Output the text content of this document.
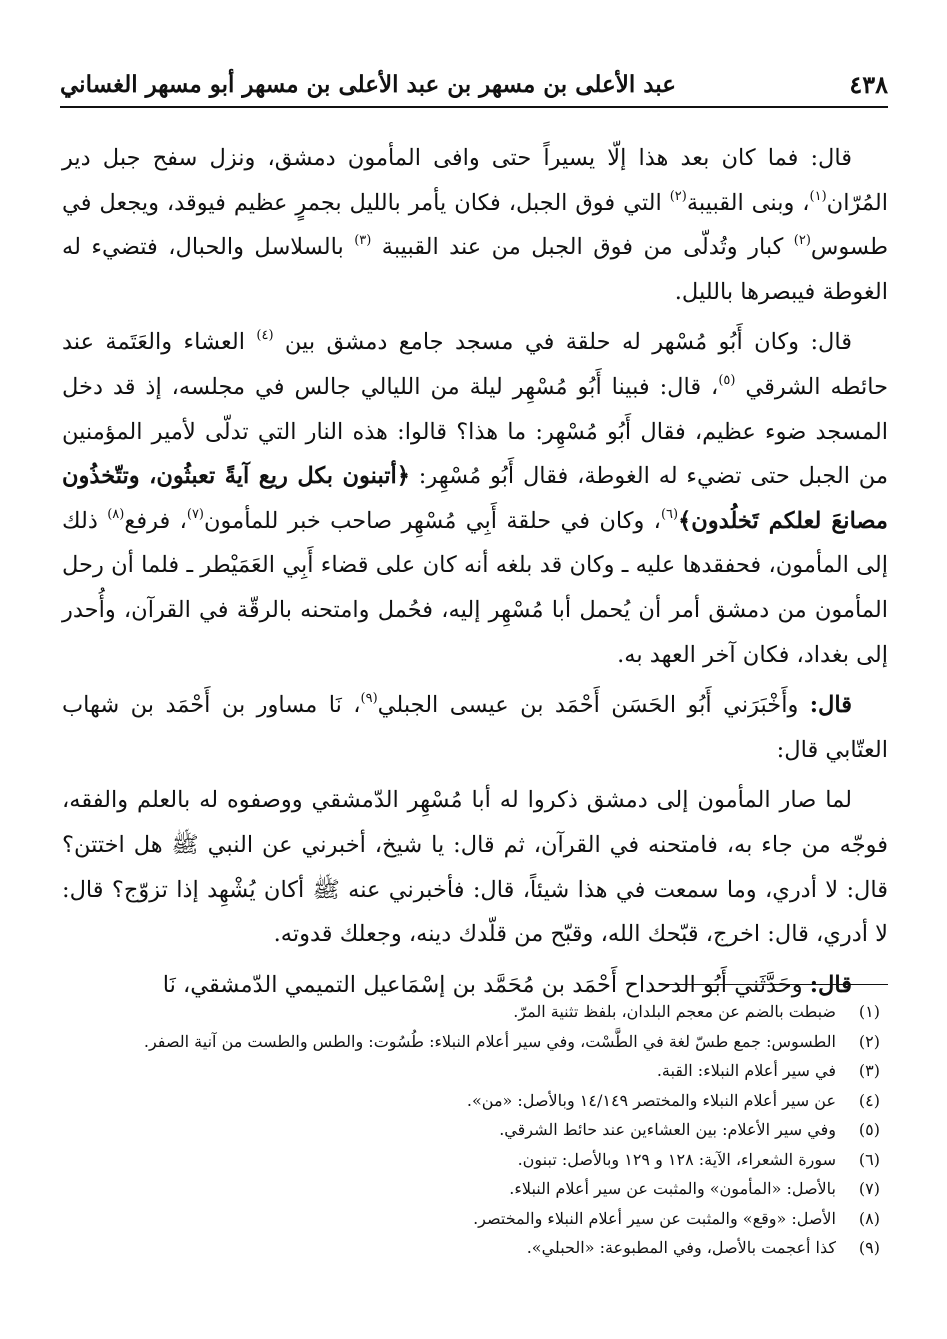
٤٣٨
عبد الأعلى بن مسهر بن عبد الأعلى بن مسهر أبو مسهر الغساني

قال: فما كان بعد هذا إلّا يسيراً حتى وافى المأمون دمشق، ونزل سفح جبل دير المُرّان$^{(١)}$، وبنى القبيبة$^{(٢)}$ التي فوق الجبل، فكان يأمر بالليل بجمرٍ عظيم فيوقد، ويجعل في طسوس$^{(٢)}$ كبار وتُدلّى من فوق الجبل من عند القبيبة $^{(٣)}$ بالسلاسل والحبال، فتضيء له الغوطة فيبصرها بالليل.

قال: وكان أَبُو مُسْهر له حلقة في مسجد جامع دمشق بين $^{(٤)}$ العشاء والعَتَمة عند حائطه الشرقي $^{(٥)}$، قال: فبينا أَبُو مُسْهِر ليلة من الليالي جالس في مجلسه، إذ قد دخل المسجد ضوء عظيم، فقال أَبُو مُسْهِر: ما هذا؟ قالوا: هذه النار التي تدلّى لأمير المؤمنين من الجبل حتى تضيء له الغوطة، فقال أَبُو مُسْهِر: ﴿أتبنون بكل ريع آيةً تعبثُون، وتتّخذُون مصانعَ لعلكم تَخلُدون﴾$^{(٦)}$، وكان في حلقة أَبِي مُسْهِر صاحب خبر للمأمون$^{(٧)}$، فرفع$^{(٨)}$ ذلك إلى المأمون، فحفقدها عليه ـ وكان قد بلغه أنه كان على قضاء أَبِي العَمَيْطر ـ فلما أن رحل المأمون من دمشق أمر أن يُحمل أبا مُسْهِر إليه، فحُمل وامتحنه بالرقّة في القرآن، وأُحدر إلى بغداد، فكان آخر العهد به.

قال: وأَخْبَرَني أَبُو الحَسَن أَحْمَد بن عيسى الجبلي$^{(٩)}$، نَا مساور بن أَحْمَد بن شهاب العتّابي قال:

لما صار المأمون إلى دمشق ذكروا له أبا مُسْهِر الدّمشقي ووصفوه له بالعلم والفقه، فوجّه من جاء به، فامتحنه في القرآن، ثم قال: يا شيخ، أخبرني عن النبي ﷺ هل اختتن؟ قال: لا أدري، وما سمعت في هذا شيئاً، قال: فأخبرني عنه ﷺ أكان يُشْهِد إذا تزوّج؟ قال: لا أدري، قال: اخرج، قبّحك الله، وقبّح من قلّدك دينه، وجعلك قدوته.

قال: وحَدَّثَني أَبُو الدحداح أَحْمَد بن مُحَمَّد بن إسْمَاعيل التميمي الدّمشقي، نَا

(١)
ضبطت بالضم عن معجم البلدان، بلفظ تثنية المرّ.
(٢)
الطسوس: جمع طسّ لغة في الطَّسْت، وفي سير أعلام النبلاء: طُسُوت: والطس والطست من آنية الصفر.
(٣)
في سير أعلام النبلاء: القبة.
(٤)
عن سير أعلام النبلاء والمختصر ١٤/١٤٩ وبالأصل: «من».
(٥)
وفي سير الأعلام: بين العشاءين عند حائط الشرقي.
(٦)
سورة الشعراء، الآية: ١٢٨ و ١٢٩ وبالأصل: تبنون.
(٧)
بالأصل: «المأمون» والمثبت عن سير أعلام النبلاء.
(٨)
الأصل: «وقع» والمثبت عن سير أعلام النبلاء والمختصر.
(٩)
كذا أعجمت بالأصل، وفي المطبوعة: «الحبلي».
